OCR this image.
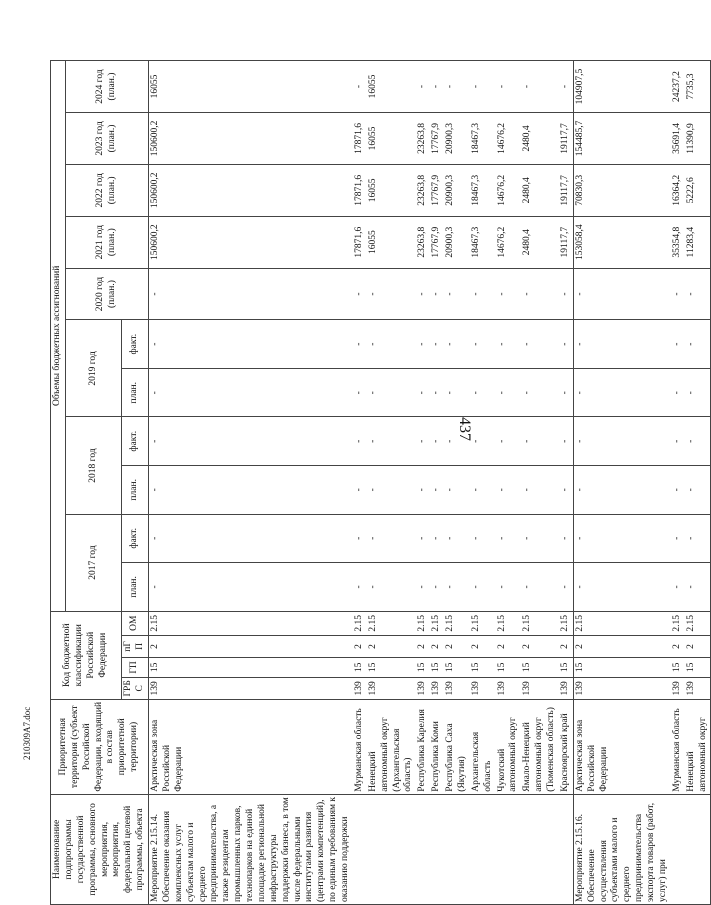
437
Наименование подпрограммы государственной программы, основного мероприятия, мероприятия, федеральной целевой программы, объекта	Приоритетная территория (субъект Российской Федерации, входящий в состав приоритетной территории)	Код бюджетной классификации Российской Федерации				Объемы бюджетных ассигнований										
						2017 год		2018 год		2019 год		2020 год (план.)	2021 год (план.)	2022 год (план.)	2023 год (план.)	2024 год (план.)
		ГРБС	ГП	пГП	ОМ	план.	факт.	план.	факт.	план.	факт.					
Мероприятие 2.15.14. Обеспечение оказания комплексных услуг субъектам малого и среднего предпринимательства, а также резидентам промышленных парков, технопарков на единой площадке региональной инфраструктуры поддержки бизнеса, в том числе федеральными институтами развития (центрами компетенций), по единым требованиям к оказанию поддержки	Арктическая зона Российской Федерации	139	15	2	2.15	-	-	-	-	-	-	-	150600,2	150600,2	150600,2	16055
	Мурманская область	139	15	2	2.15	-	-	-	-	-	-	-	17871,6	17871,6	17871,6	-
	Ненецкий автономный округ (Архангельская область)	139	15	2	2.15	-	-	-	-	-	-	-	16055	16055	16055	16055
	Республика Карелия	139	15	2	2.15	-	-	-	-	-	-	-	23263,8	23263,8	23263,8	-
	Республика Коми	139	15	2	2.15	-	-	-	-	-	-	-	17767,9	17767,9	17767,9	-
	Республика Саха (Якутия)	139	15	2	2.15	-	-	-	-	-	-	-	20900,3	20900,3	20900,3	-
	Архангельская область	139	15	2	2.15	-	-	-	-	-	-	-	18467,3	18467,3	18467,3	-
	Чукотский автономный округ	139	15	2	2.15	-	-	-	-	-	-	-	14676,2	14676,2	14676,2	-
	Ямало-Ненецкий автономный округ (Тюменская область)	139	15	2	2.15	-	-	-	-	-	-	-	2480,4	2480,4	2480,4	-
	Красноярский край	139	15	2	2.15	-	-	-	-	-	-	-	19117,7	19117,7	19117,7	-
Мероприятие 2.15.16. Обеспечение осуществления субъектами малого и среднего предпринимательства экспорта товаров (работ, услуг) при	Арктическая зона Российской Федерации	139	15	2	2.15	-	-	-	-	-	-	-	153058,4	70830,3	154485,7	104907,5
	Мурманская область	139	15	2	2.15	-	-	-	-	-	-	-	35354,8	16364,2	35691,4	24237,2
	Ненецкий автономный округ	139	15	2	2.15	-	-	-	-	-	-	-	11283,4	5222,6	11390,9	7735,3
210309А7.doc
